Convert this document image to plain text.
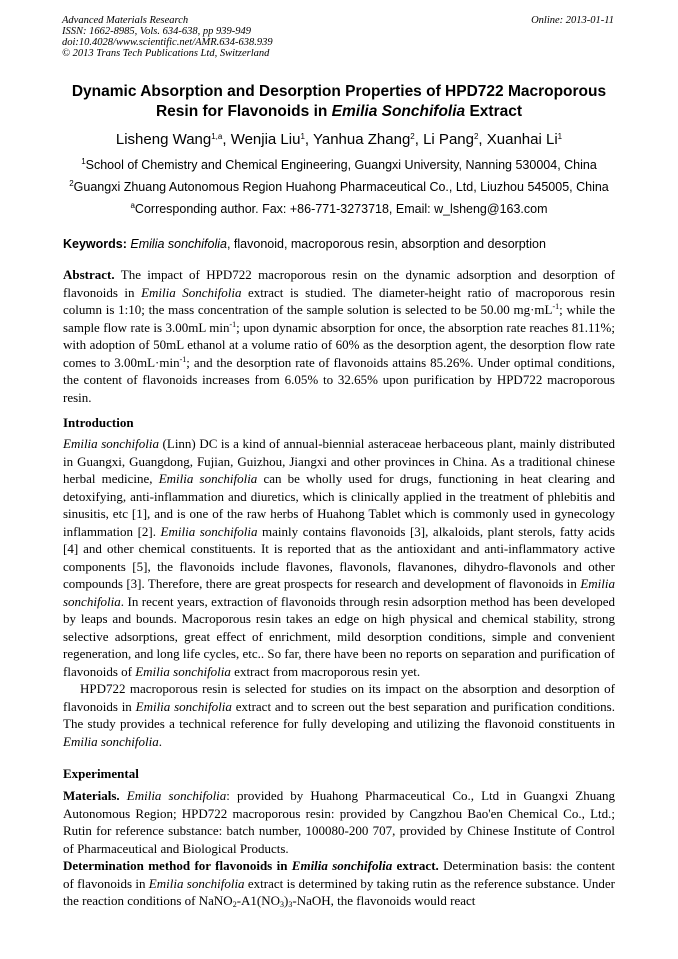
Advanced Materials Research
ISSN: 1662-8985, Vols. 634-638, pp 939-949
doi:10.4028/www.scientific.net/AMR.634-638.939
© 2013 Trans Tech Publications Ltd, Switzerland
Online: 2013-01-11
Dynamic Absorption and Desorption Properties of HPD722 Macroporous
Resin for Flavonoids in Emilia Sonchifolia Extract
Lisheng Wang$^{1,a}$, Wenjia Liu$^1$, Yanhua Zhang$^2$, Li Pang$^2$, Xuanhai Li$^1$
$^1$School of Chemistry and Chemical Engineering, Guangxi University, Nanning 530004, China
$^2$Guangxi Zhuang Autonomous Region Huahong Pharmaceutical Co., Ltd, Liuzhou 545005, China
$^a$Corresponding author. Fax: +86-771-3273718, Email: w_lsheng@163.com
Keywords: Emilia sonchifolia, flavonoid, macroporous resin, absorption and desorption

Abstract. The impact of HPD722 macroporous resin on the dynamic adsorption and desorption of flavonoids in Emilia Sonchifolia extract is studied. The diameter-height ratio of macroporous resin column is 1:10; the mass concentration of the sample solution is selected to be 50.00 $mg\cdot mL^{-1}$; while the sample flow rate is 3.00mL $\min^{-1}$; upon dynamic absorption for once, the absorption rate reaches 81.11%; with adoption of 50mL ethanol at a volume ratio of 60% as the desorption agent, the desorption flow rate comes to $3.00mL\cdot\min^{-1}$; and the desorption rate of flavonoids attains 85.26%. Under optimal conditions, the content of flavonoids increases from 6.05% to 32.65% upon purification by HPD722 macroporous resin.

Introduction

Emilia sonchifolia (Linn) DC is a kind of annual-biennial asteraceae herbaceous plant, mainly distributed in Guangxi, Guangdong, Fujian, Guizhou, Jiangxi and other provinces in China. As a traditional chinese herbal medicine, Emilia sonchifolia can be wholly used for drugs, functioning in heat clearing and detoxifying, anti-inflammation and diuretics, which is clinically applied in the treatment of phlebitis and sinusitis, etc [1], and is one of the raw herbs of Huahong Tablet which is commonly used in gynecology inflammation [2]. Emilia sonchifolia mainly contains flavonoids [3], alkaloids, plant sterols, fatty acids [4] and other chemical constituents. It is reported that as the antioxidant and anti-inflammatory active components [5], the flavonoids include flavones, flavonols, flavanones, dihydro-flavonols and other compounds [3]. Therefore, there are great prospects for research and development of flavonoids in Emilia sonchifolia. In recent years, extraction of flavonoids through resin adsorption method has been developed by leaps and bounds. Macroporous resin takes an edge on high physical and chemical stability, strong selective adsorptions, great effect of enrichment, mild desorption conditions, simple and convenient regeneration, and long life cycles, etc.. So far, there have been no reports on separation and purification of flavonoids of Emilia sonchifolia extract from macroporous resin yet.

HPD722 macroporous resin is selected for studies on its impact on the absorption and desorption of flavonoids in Emilia sonchifolia extract and to screen out the best separation and purification conditions. The study provides a technical reference for fully developing and utilizing the flavonoid constituents in Emilia sonchifolia.

Experimental

Materials. Emilia sonchifolia: provided by Huahong Pharmaceutical Co., Ltd in Guangxi Zhuang Autonomous Region; HPD722 macroporous resin: provided by Cangzhou Bao'en Chemical Co., Ltd.; Rutin for reference substance: batch number, 100080-200 707, provided by Chinese Institute of Control of Pharmaceutical and Biological Products.

Determination method for flavonoids in Emilia sonchifolia extract. Determination basis: the content of flavonoids in Emilia sonchifolia extract is determined by taking rutin as the reference substance. Under the reaction conditions of $NaNO_2-A1(NO_3)_3$-NaOH, the flavonoids would react
